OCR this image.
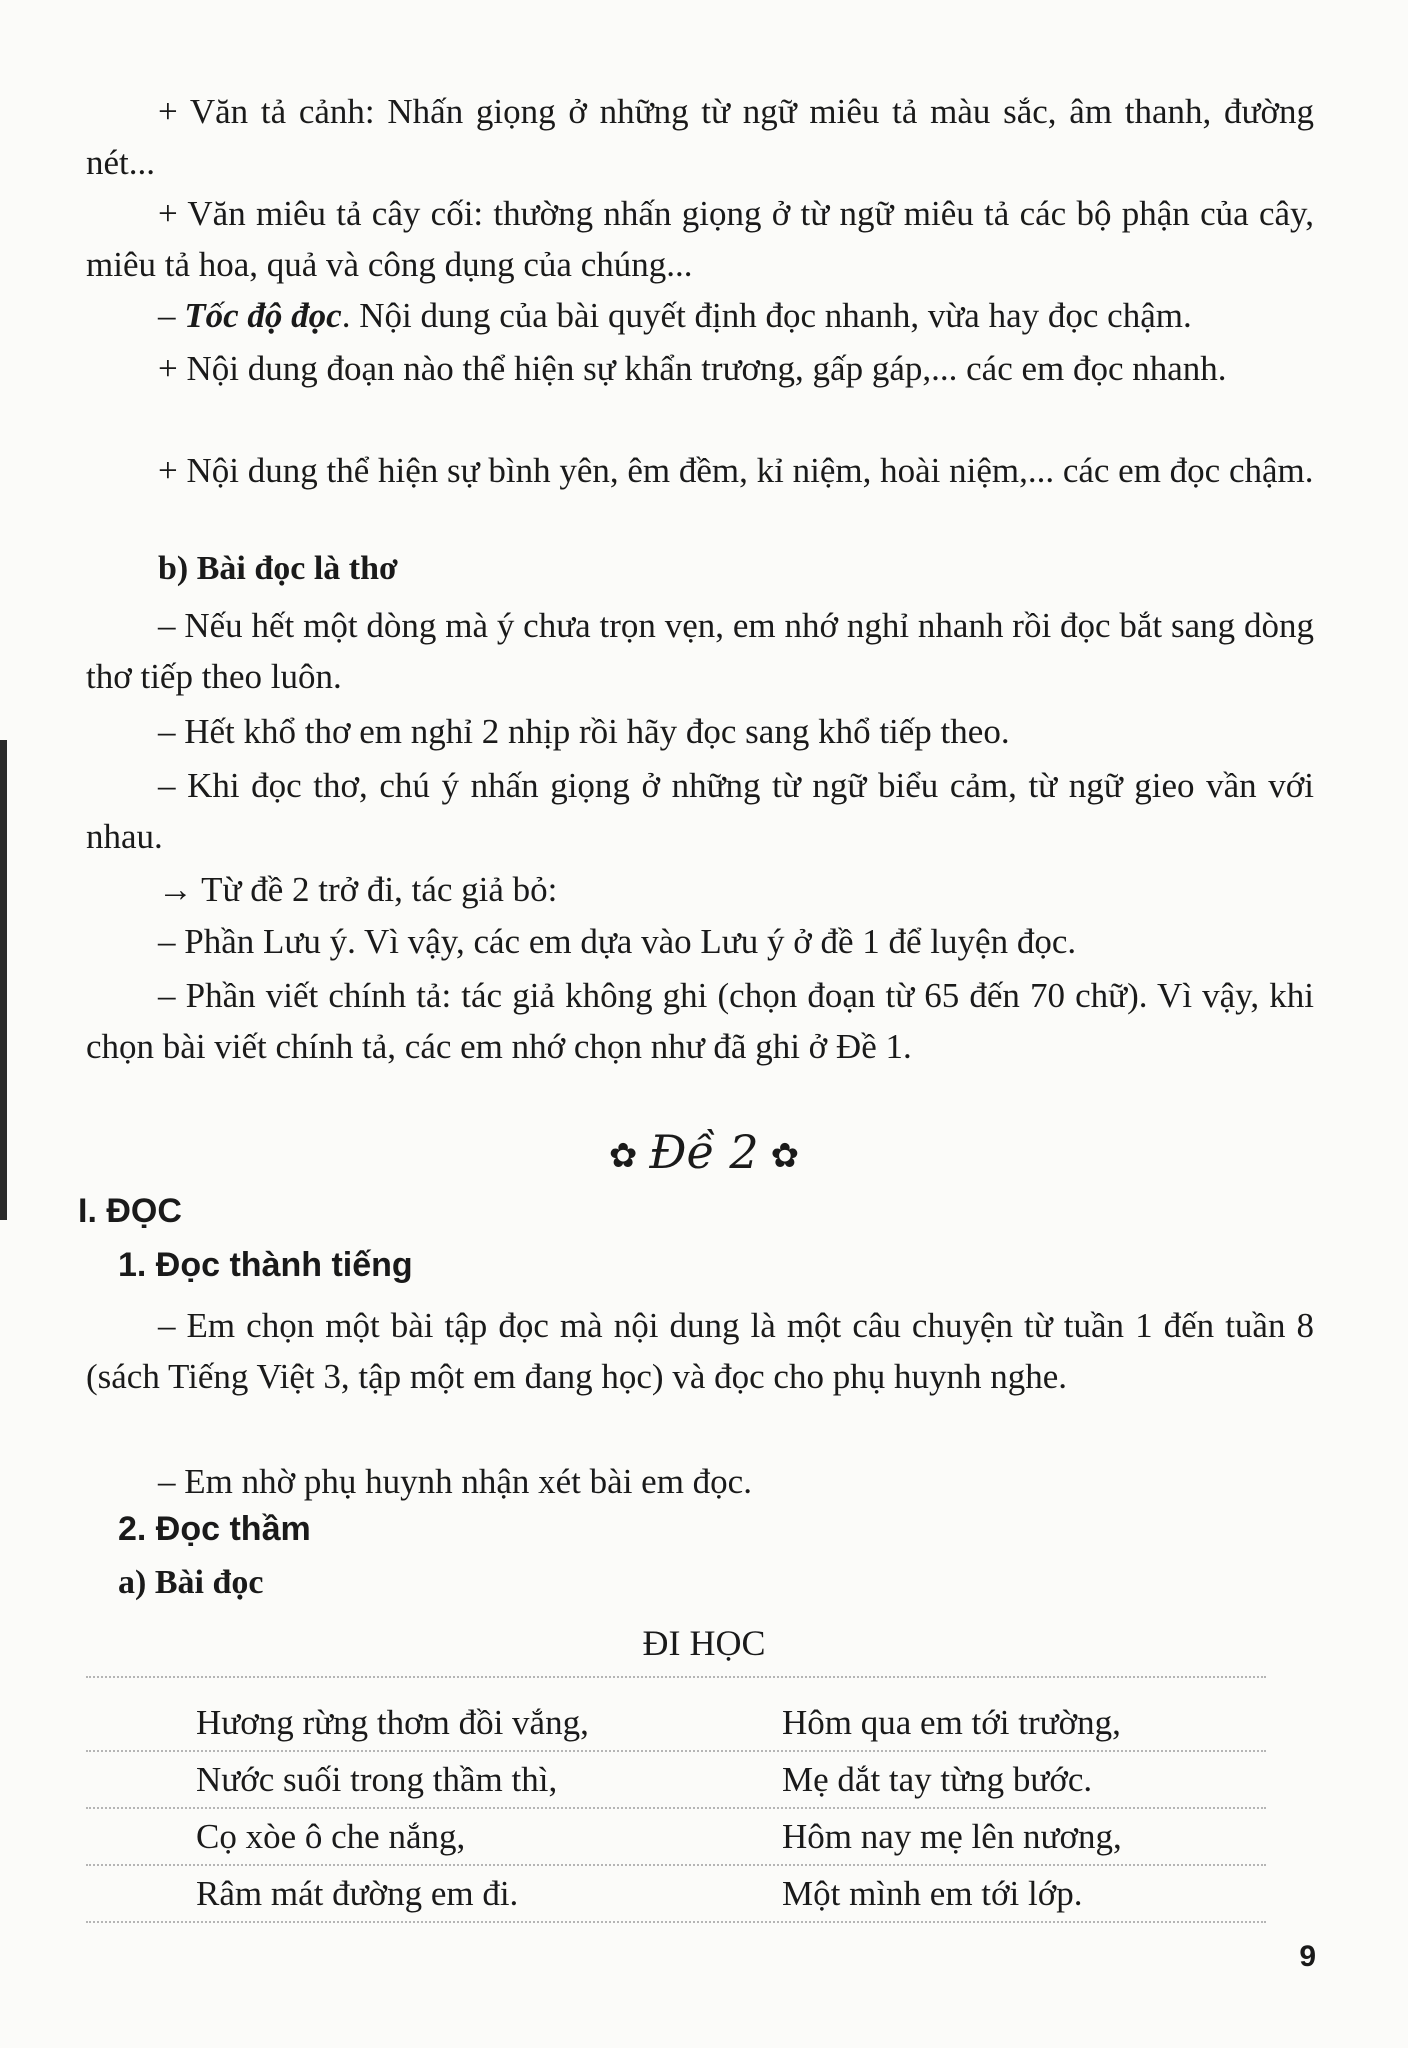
+ Văn tả cảnh: Nhấn giọng ở những từ ngữ miêu tả màu sắc, âm thanh, đường nét...

+ Văn miêu tả cây cối: thường nhấn giọng ở từ ngữ miêu tả các bộ phận của cây, miêu tả hoa, quả và công dụng của chúng...

– Tốc độ đọc. Nội dung của bài quyết định đọc nhanh, vừa hay đọc chậm.

+ Nội dung đoạn nào thể hiện sự khẩn trương, gấp gáp,... các em đọc nhanh.

+ Nội dung thể hiện sự bình yên, êm đềm, kỉ niệm, hoài niệm,... các em đọc chậm.

b) Bài đọc là thơ

– Nếu hết một dòng mà ý chưa trọn vẹn, em nhớ nghỉ nhanh rồi đọc bắt sang dòng thơ tiếp theo luôn.

– Hết khổ thơ em nghỉ 2 nhịp rồi hãy đọc sang khổ tiếp theo.

– Khi đọc thơ, chú ý nhấn giọng ở những từ ngữ biểu cảm, từ ngữ gieo vần với nhau.

→ Từ đề 2 trở đi, tác giả bỏ:

– Phần Lưu ý. Vì vậy, các em dựa vào Lưu ý ở đề 1 để luyện đọc.

– Phần viết chính tả: tác giả không ghi (chọn đoạn từ 65 đến 70 chữ). Vì vậy, khi chọn bài viết chính tả, các em nhớ chọn như đã ghi ở Đề 1.

✿ Đề 2 ✿
I. ĐỌC
1. Đọc thành tiếng

– Em chọn một bài tập đọc mà nội dung là một câu chuyện từ tuần 1 đến tuần 8 (sách Tiếng Việt 3, tập một em đang học) và đọc cho phụ huynh nghe.

– Em nhờ phụ huynh nhận xét bài em đọc.

2. Đọc thầm
a) Bài đọc
ĐI HỌC
Hương rừng thơm đồi vắng,
Nước suối trong thầm thì,
Cọ xòe ô che nắng,
Râm mát đường em đi.
Hôm qua em tới trường,
Mẹ dắt tay từng bước.
Hôm nay mẹ lên nương,
Một mình em tới lớp.
9
